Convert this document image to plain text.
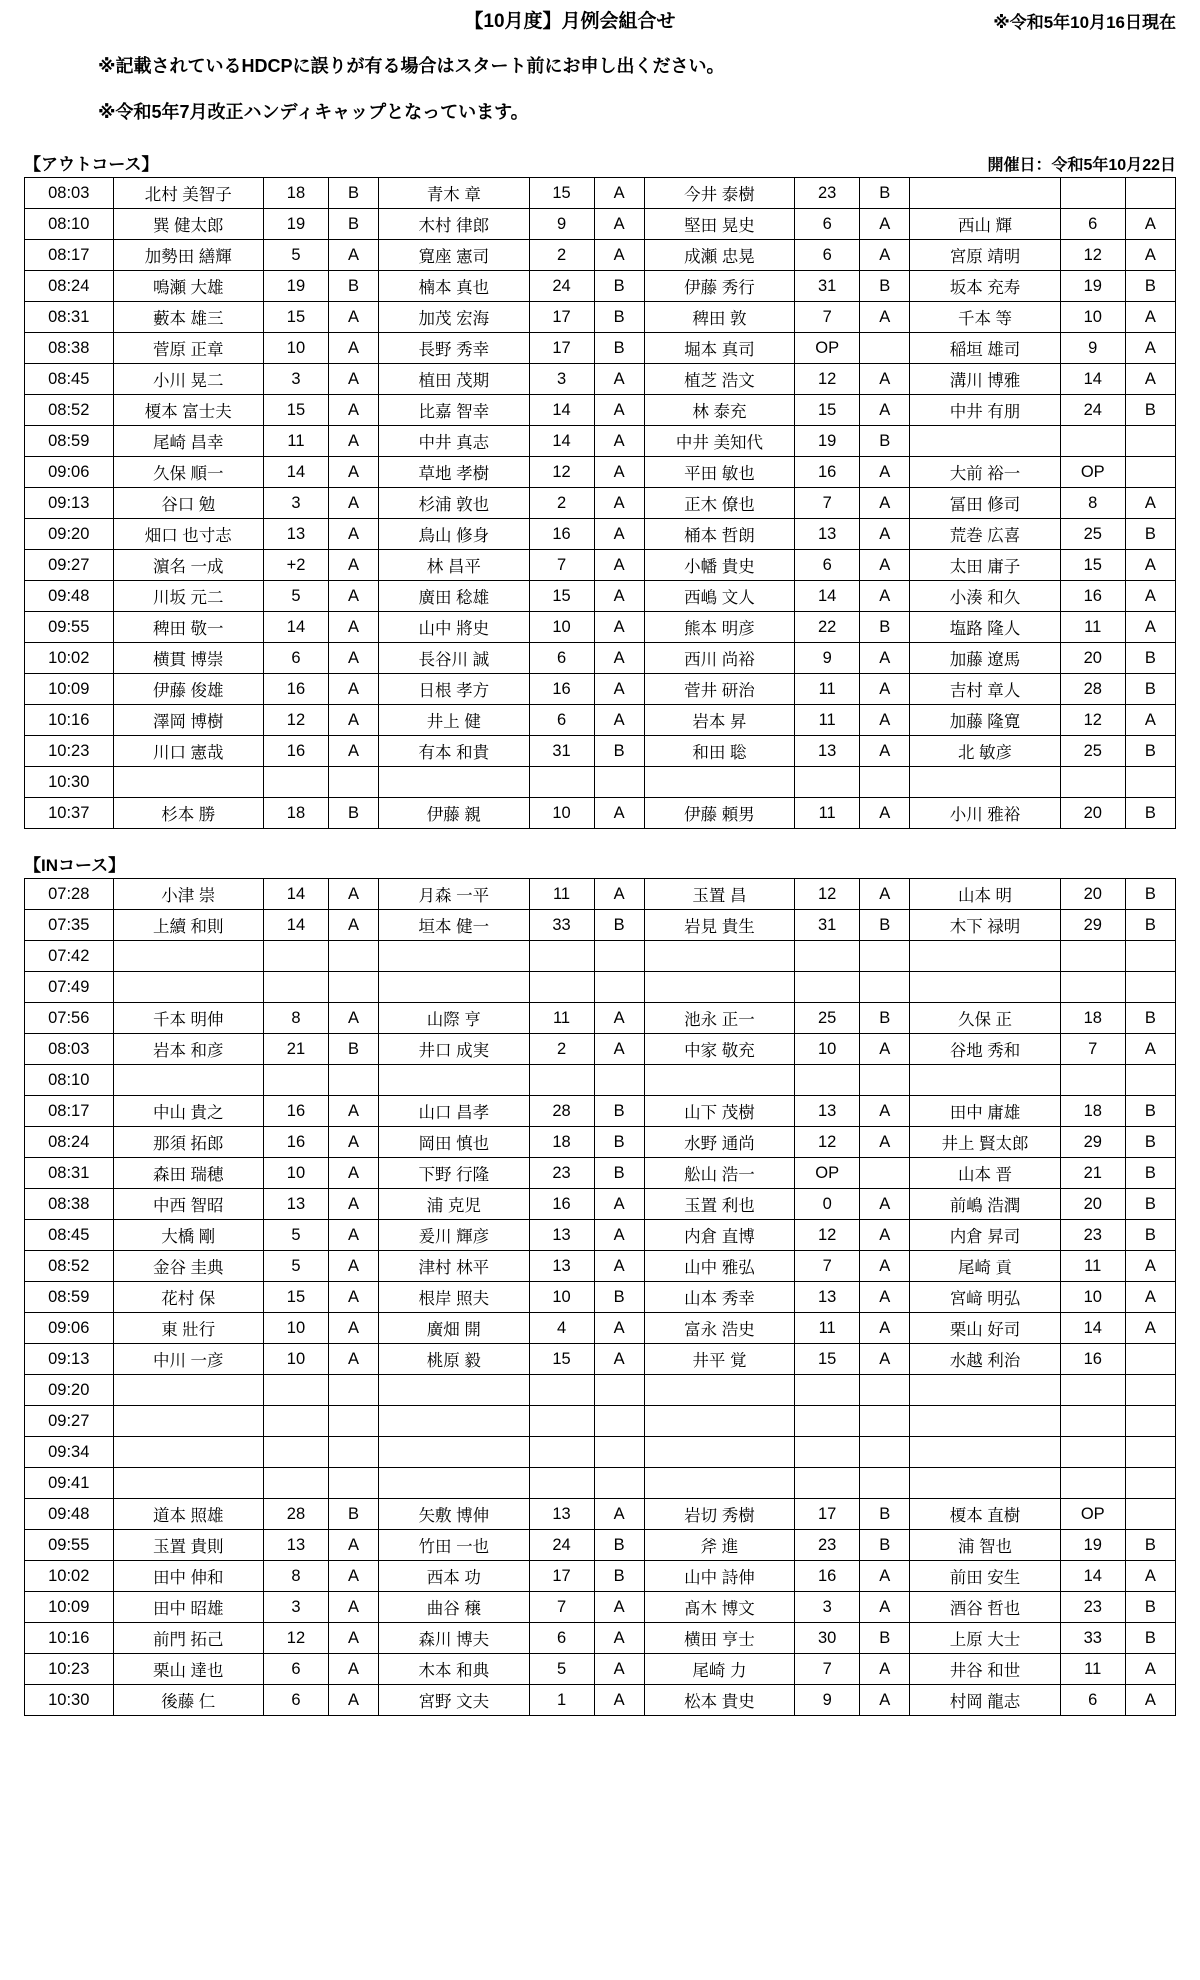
【10月度】月例会組合せ	※令和5年10月16日現在
※記載されているHDCPに誤りが有る場合はスタート前にお申し出ください。
※令和5年7月改正ハンディキャップとなっています。
【アウトコース】	開催日：令和5年10月22日
08:03	北村 美智子	18	B	青木 章	15	A	今井 泰樹	23	B			
08:10	巽 健太郎	19	B	木村 律郎	9	A	堅田 晃史	6	A	西山 輝	6	A
08:17	加勢田 繕輝	5	A	寛座 憲司	2	A	成瀬 忠晃	6	A	宮原 靖明	12	A
08:24	鳴瀬 大雄	19	B	楠本 真也	24	B	伊藤 秀行	31	B	坂本 充寿	19	B
08:31	藪本 雄三	15	A	加茂 宏海	17	B	稗田 敦	7	A	千本 等	10	A
08:38	菅原 正章	10	A	長野 秀幸	17	B	堀本 真司	OP		稲垣 雄司	9	A
08:45	小川 晃二	3	A	植田 茂期	3	A	植芝 浩文	12	A	溝川 博雅	14	A
08:52	榎本 富士夫	15	A	比嘉 智幸	14	A	林 泰充	15	A	中井 有朋	24	B
08:59	尾崎 昌幸	11	A	中井 真志	14	A	中井 美知代	19	B			
09:06	久保 順一	14	A	草地 孝樹	12	A	平田 敏也	16	A	大前 裕一	OP	
09:13	谷口 勉	3	A	杉浦 敦也	2	A	正木 僚也	7	A	冨田 修司	8	A
09:20	畑口 也寸志	13	A	鳥山 修身	16	A	桶本 哲朗	13	A	荒巻 広喜	25	B
09:27	濵名 一成	+2	A	林 昌平	7	A	小幡 貴史	6	A	太田 庸子	15	A
09:48	川坂 元二	5	A	廣田 稔雄	15	A	西嶋 文人	14	A	小湊 和久	16	A
09:55	稗田 敬一	14	A	山中 將史	10	A	熊本 明彦	22	B	塩路 隆人	11	A
10:02	横貫 博崇	6	A	長谷川 誠	6	A	西川 尚裕	9	A	加藤 遼馬	20	B
10:09	伊藤 俊雄	16	A	日根 孝方	16	A	菅井 研治	11	A	吉村 章人	28	B
10:16	澤岡 博樹	12	A	井上 健	6	A	岩本 昇	11	A	加藤 隆寛	12	A
10:23	川口 憲哉	16	A	有本 和貴	31	B	和田 聡	13	A	北 敏彦	25	B
10:30												
10:37	杉本 勝	18	B	伊藤 親	10	A	伊藤 頼男	11	A	小川 雅裕	20	B
【INコース】
07:28	小津 崇	14	A	月森 一平	11	A	玉置 昌	12	A	山本 明	20	B
07:35	上續 和則	14	A	垣本 健一	33	B	岩見 貴生	31	B	木下 禄明	29	B
07:42												
07:49												
07:56	千本 明伸	8	A	山際 亨	11	A	池永 正一	25	B	久保 正	18	B
08:03	岩本 和彦	21	B	井口 成実	2	A	中家 敬充	10	A	谷地 秀和	7	A
08:10												
08:17	中山 貴之	16	A	山口 昌孝	28	B	山下 茂樹	13	A	田中 庸雄	18	B
08:24	那須 拓郎	16	A	岡田 慎也	18	B	水野 通尚	12	A	井上 賢太郎	29	B
08:31	森田 瑞穂	10	A	下野 行隆	23	B	舩山 浩一	OP		山本 晋	21	B
08:38	中西 智昭	13	A	浦 克児	16	A	玉置 利也	0	A	前嶋 浩潤	20	B
08:45	大橋 剛	5	A	爰川 輝彦	13	A	内倉 直博	12	A	内倉 昇司	23	B
08:52	金谷 圭典	5	A	津村 林平	13	A	山中 雅弘	7	A	尾崎 貢	11	A
08:59	花村 保	15	A	根岸 照夫	10	B	山本 秀幸	13	A	宮﨑 明弘	10	A
09:06	東 壯行	10	A	廣畑 開	4	A	富永 浩史	11	A	栗山 好司	14	A
09:13	中川 一彦	10	A	桃原 毅	15	A	井平 覚	15	A	水越 利治	16	
09:20												
09:27												
09:34												
09:41												
09:48	道本 照雄	28	B	矢敷 博伸	13	A	岩切 秀樹	17	B	榎本 直樹	OP	
09:55	玉置 貴則	13	A	竹田 一也	24	B	斧 進	23	B	浦 智也	19	B
10:02	田中 伸和	8	A	西本 功	17	B	山中 詩伸	16	A	前田 安生	14	A
10:09	田中 昭雄	3	A	曲谷 穣	7	A	髙木 博文	3	A	酒谷 哲也	23	B
10:16	前門 拓己	12	A	森川 博夫	6	A	横田 亨士	30	B	上原 大士	33	B
10:23	栗山 達也	6	A	木本 和典	5	A	尾崎 力	7	A	井谷 和世	11	A
10:30	後藤 仁	6	A	宮野 文夫	1	A	松本 貴史	9	A	村岡 龍志	6	A
